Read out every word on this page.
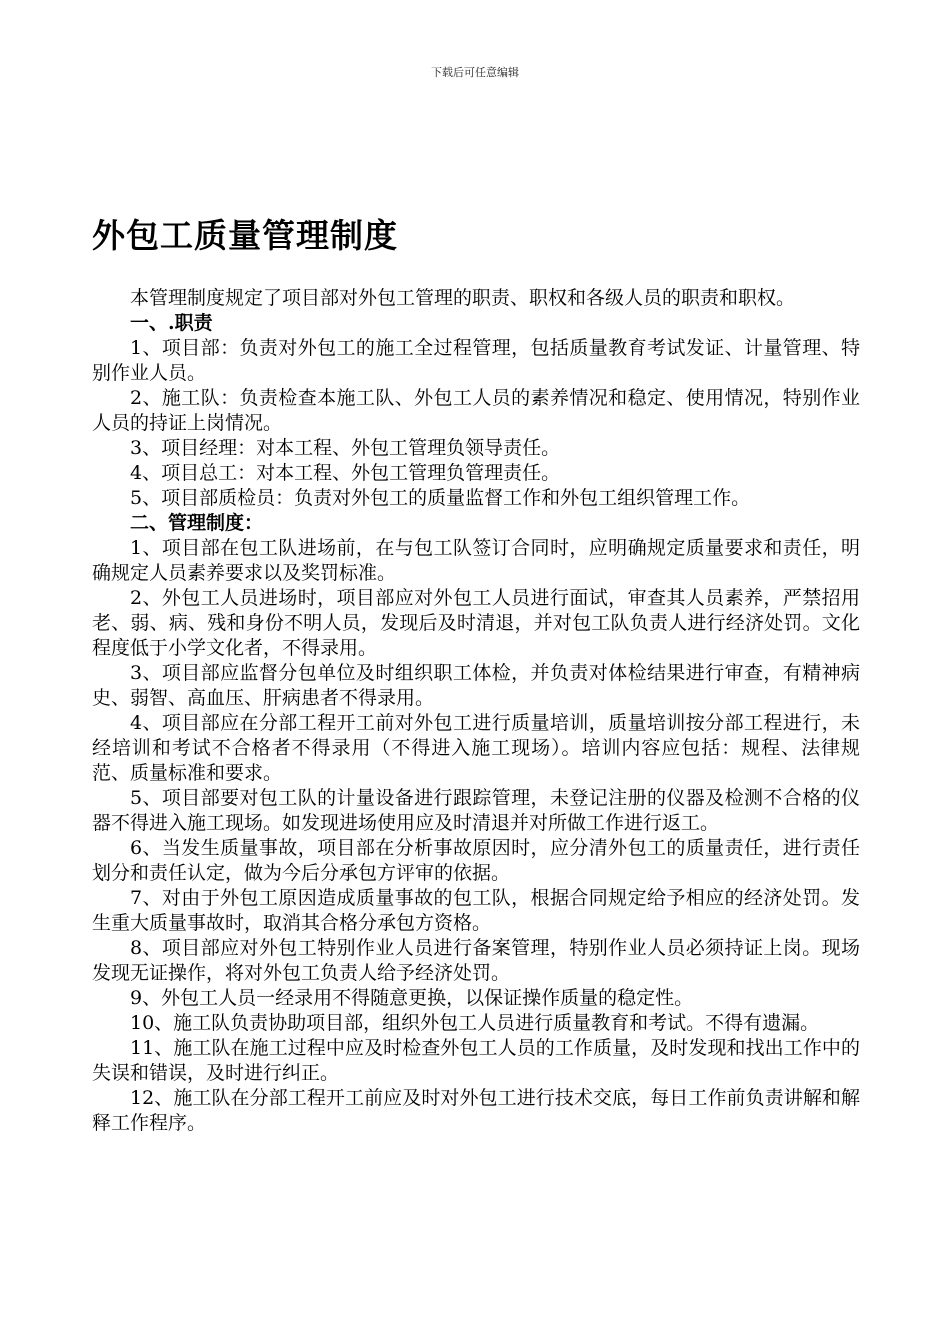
下载后可任意编辑
外包工质量管理制度

本管理制度规定了项目部对外包工管理的职责、职权和各级人员的职责和职权。

一、.职责

1、项目部：负责对外包工的施工全过程管理，包括质量教育考试发证、计量管理、特别作业人员。

2、施工队：负责检查本施工队、外包工人员的素养情况和稳定、使用情况，特别作业人员的持证上岗情况。

3、项目经理：对本工程、外包工管理负领导责任。

4、项目总工：对本工程、外包工管理负管理责任。

5、项目部质检员：负责对外包工的质量监督工作和外包工组织管理工作。

二、管理制度：

1、项目部在包工队进场前，在与包工队签订合同时，应明确规定质量要求和责任，明确规定人员素养要求以及奖罚标准。

2、外包工人员进场时，项目部应对外包工人员进行面试，审查其人员素养，严禁招用老、弱、病、残和身份不明人员，发现后及时清退，并对包工队负责人进行经济处罚。文化程度低于小学文化者，不得录用。

3、项目部应监督分包单位及时组织职工体检，并负责对体检结果进行审查，有精神病史、弱智、高血压、肝病患者不得录用。

4、项目部应在分部工程开工前对外包工进行质量培训，质量培训按分部工程进行，未经培训和考试不合格者不得录用（不得进入施工现场）。培训内容应包括：规程、法律规范、质量标准和要求。

5、项目部要对包工队的计量设备进行跟踪管理，未登记注册的仪器及检测不合格的仪器不得进入施工现场。如发现进场使用应及时清退并对所做工作进行返工。

6、当发生质量事故，项目部在分析事故原因时，应分清外包工的质量责任，进行责任划分和责任认定，做为今后分承包方评审的依据。

7、对由于外包工原因造成质量事故的包工队，根据合同规定给予相应的经济处罚。发生重大质量事故时，取消其合格分承包方资格。

8、项目部应对外包工特别作业人员进行备案管理，特别作业人员必须持证上岗。现场发现无证操作，将对外包工负责人给予经济处罚。

9、外包工人员一经录用不得随意更换，以保证操作质量的稳定性。

10、施工队负责协助项目部，组织外包工人员进行质量教育和考试。不得有遗漏。

11、施工队在施工过程中应及时检查外包工人员的工作质量，及时发现和找出工作中的失误和错误，及时进行纠正。

12、施工队在分部工程开工前应及时对外包工进行技术交底，每日工作前负责讲解和解释工作程序。
